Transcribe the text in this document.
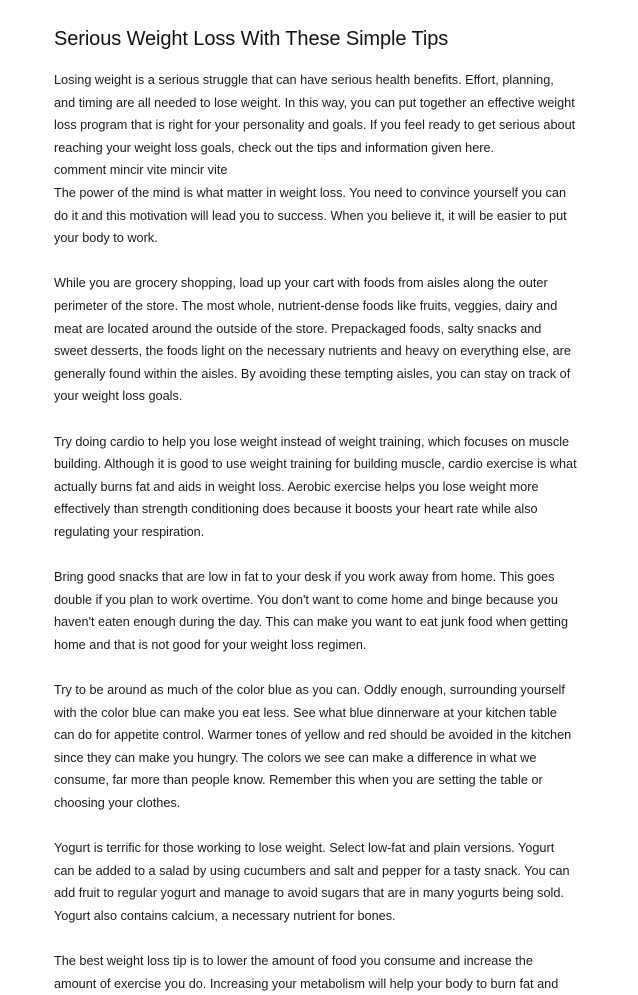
Serious Weight Loss With These Simple Tips
Losing weight is a serious struggle that can have serious health benefits. Effort, planning,
and timing are all needed to lose weight. In this way, you can put together an effective weight
loss program that is right for your personality and goals. If you feel ready to get serious about
reaching your weight loss goals, check out the tips and information given here.
comment mincir vite mincir vite
The power of the mind is what matter in weight loss. You need to convince yourself you can
do it and this motivation will lead you to success. When you believe it, it will be easier to put
your body to work.
While you are grocery shopping, load up your cart with foods from aisles along the outer
perimeter of the store. The most whole, nutrient-dense foods like fruits, veggies, dairy and
meat are located around the outside of the store. Prepackaged foods, salty snacks and
sweet desserts, the foods light on the necessary nutrients and heavy on everything else, are
generally found within the aisles. By avoiding these tempting aisles, you can stay on track of
your weight loss goals.
Try doing cardio to help you lose weight instead of weight training, which focuses on muscle
building. Although it is good to use weight training for building muscle, cardio exercise is what
actually burns fat and aids in weight loss. Aerobic exercise helps you lose weight more
effectively than strength conditioning does because it boosts your heart rate while also
regulating your respiration.
Bring good snacks that are low in fat to your desk if you work away from home. This goes
double if you plan to work overtime. You don't want to come home and binge because you
haven't eaten enough during the day. This can make you want to eat junk food when getting
home and that is not good for your weight loss regimen.
Try to be around as much of the color blue as you can. Oddly enough, surrounding yourself
with the color blue can make you eat less. See what blue dinnerware at your kitchen table
can do for appetite control. Warmer tones of yellow and red should be avoided in the kitchen
since they can make you hungry. The colors we see can make a difference in what we
consume, far more than people know. Remember this when you are setting the table or
choosing your clothes.
Yogurt is terrific for those working to lose weight. Select low-fat and plain versions. Yogurt
can be added to a salad by using cucumbers and salt and pepper for a tasty snack. You can
add fruit to regular yogurt and manage to avoid sugars that are in many yogurts being sold.
Yogurt also contains calcium, a necessary nutrient for bones.
The best weight loss tip is to lower the amount of food you consume and increase the
amount of exercise you do. Increasing your metabolism will help your body to burn fat and
